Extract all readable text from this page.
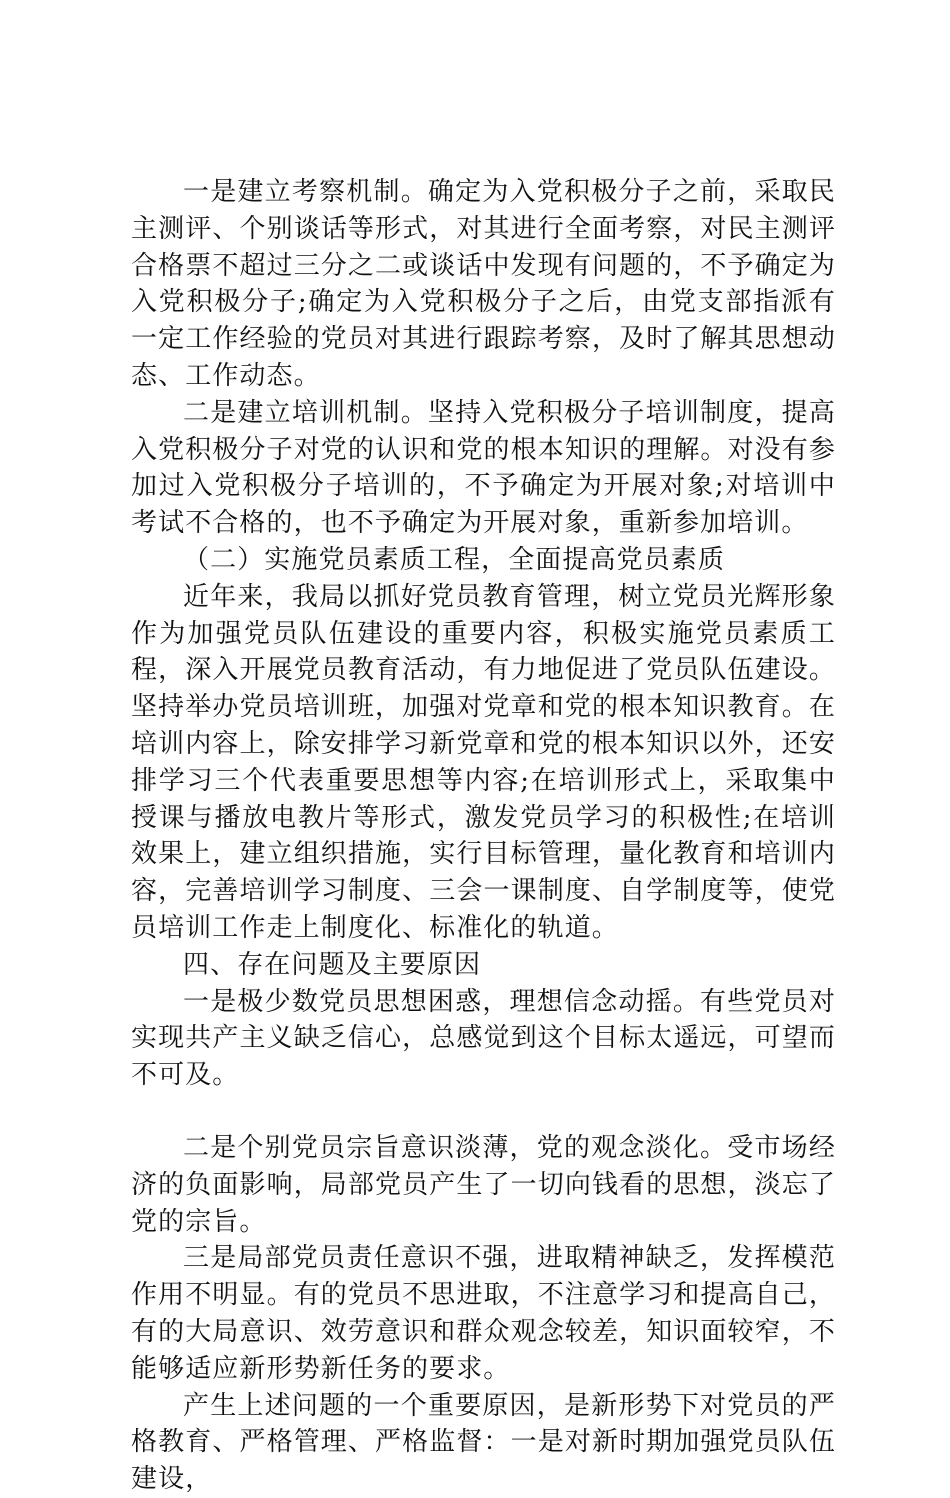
一是建立考察机制。确定为入党积极分子之前，采取民主测评、个别谈话等形式，对其进行全面考察，对民主测评合格票不超过三分之二或谈话中发现有问题的，不予确定为入党积极分子;确定为入党积极分子之后，由党支部指派有一定工作经验的党员对其进行跟踪考察，及时了解其思想动态、工作动态。

二是建立培训机制。坚持入党积极分子培训制度，提高入党积极分子对党的认识和党的根本知识的理解。对没有参加过入党积极分子培训的，不予确定为开展对象;对培训中考试不合格的，也不予确定为开展对象，重新参加培训。

（二）实施党员素质工程，全面提高党员素质

近年来，我局以抓好党员教育管理，树立党员光辉形象作为加强党员队伍建设的重要内容，积极实施党员素质工程，深入开展党员教育活动，有力地促进了党员队伍建设。坚持举办党员培训班，加强对党章和党的根本知识教育。在培训内容上，除安排学习新党章和党的根本知识以外，还安排学习三个代表重要思想等内容;在培训形式上，采取集中授课与播放电教片等形式，激发党员学习的积极性;在培训效果上，建立组织措施，实行目标管理，量化教育和培训内容，完善培训学习制度、三会一课制度、自学制度等，使党员培训工作走上制度化、标准化的轨道。

四、存在问题及主要原因

一是极少数党员思想困惑，理想信念动摇。有些党员对实现共产主义缺乏信心，总感觉到这个目标太遥远，可望而不可及。

二是个别党员宗旨意识淡薄，党的观念淡化。受市场经济的负面影响，局部党员产生了一切向钱看的思想，淡忘了党的宗旨。

三是局部党员责任意识不强，进取精神缺乏，发挥模范作用不明显。有的党员不思进取，不注意学习和提高自己，有的大局意识、效劳意识和群众观念较差，知识面较窄，不能够适应新形势新任务的要求。

产生上述问题的一个重要原因，是新形势下对党员的严格教育、严格管理、严格监督：一是对新时期加强党员队伍建设，
